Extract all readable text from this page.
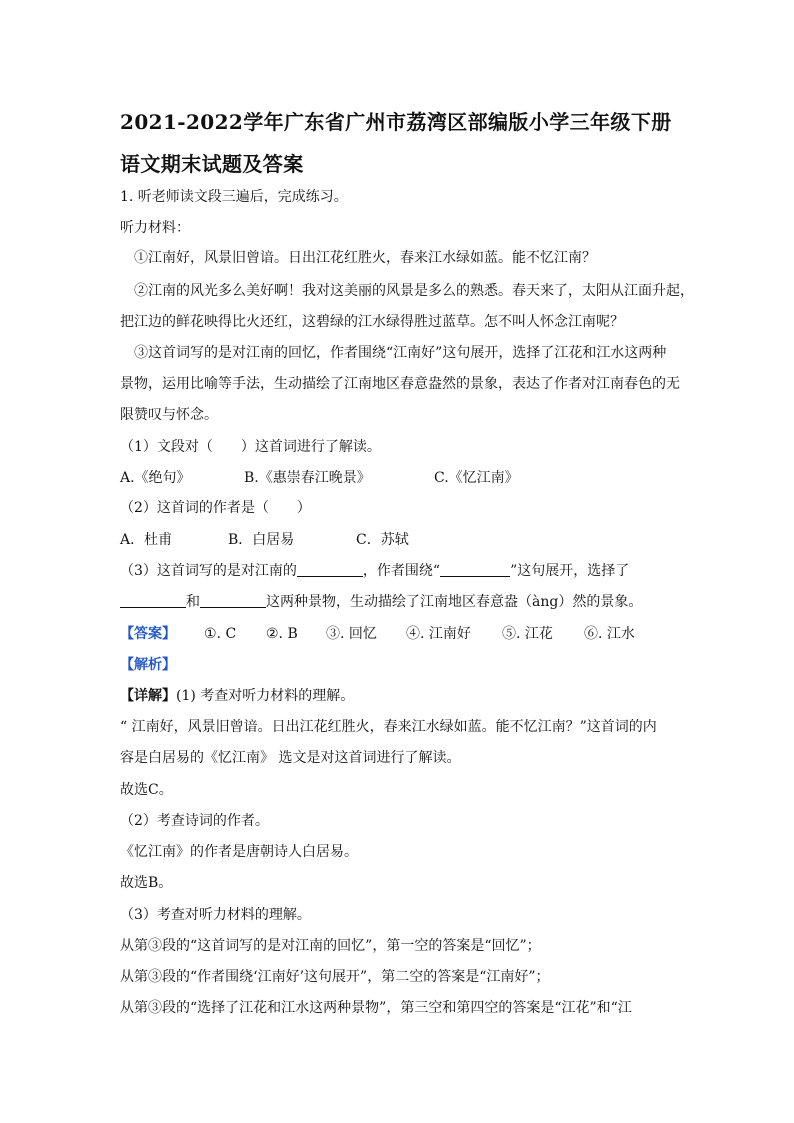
2021-2022学年广东省广州市荔湾区部编版小学三年级下册
语文期末试题及答案
1. 听老师读文段三遍后，完成练习。
听力材料：
①江南好，风景旧曾谙。日出江花红胜火，春来江水绿如蓝。能不忆江南？
②江南的风光多么美好啊！我对这美丽的风景是多么的熟悉。春天来了，太阳从江面升起，
把江边的鲜花映得比火还红，这碧绿的江水绿得胜过蓝草。怎不叫人怀念江南呢？
③这首词写的是对江南的回忆，作者围绕“江南好”这句展开，选择了江花和江水这两种
景物，运用比喻等手法，生动描绘了江南地区春意盎然的景象，表达了作者对江南春色的无
限赞叹与怀念。
（1）文段对（　　）这首词进行了解读。
A.《绝句》	B.《惠崇春江晚景》	C.《忆江南》
（2）这首词的作者是（　　）
A．杜甫	B．白居易	C．苏轼
（3）这首词写的是对江南的	，作者围绕“	”这句展开，选择了
和	这两种景物，生动描绘了江南地区春意盎（àng）然的景象。
【答案】 ①. C ②. B ③. 回忆 ④. 江南好 ⑤. 江花 ⑥. 江水
【解析】
【详解】(1) 考查对听力材料的理解。
“ 江南好，风景旧曾谙。日出江花红胜火，春来江水绿如蓝。能不忆江南？”这首词的内
容是白居易的《忆江南》 选文是对这首词进行了解读。
故选C。
（2）考查诗词的作者。
《忆江南》的作者是唐朝诗人白居易。
故选B。
（3）考查对听力材料的理解。
从第③段的“这首词写的是对江南的回忆”，第一空的答案是“回忆”；
从第③段的“作者围绕‘江南好’这句展开”，第二空的答案是“江南好”；
从第③段的“选择了江花和江水这两种景物”，第三空和第四空的答案是“江花”和“江
